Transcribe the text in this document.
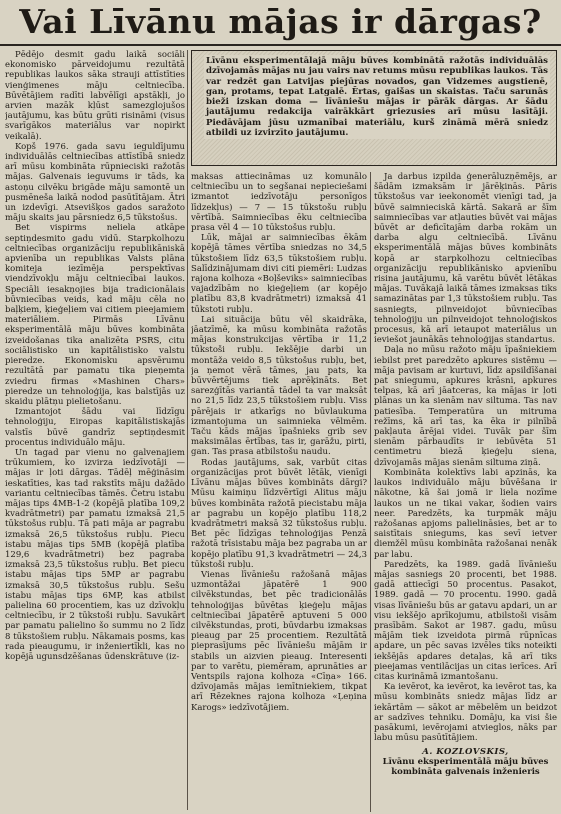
Vai Līvānu mājas ir dārgas?
Līvānu eksperimentālajā māju būves kombinātā ražotās individuālās dzīvojamās mājas nu jau vairs nav retums mūsu republikas laukos. Tās var redzēt gan Latvijas piejūras novados, gan Vidzemes augstienē, gan, protams, tepat Latgalē. Ērtas, gaišas un skaistas. Taču sarunās bieži izskan doma — līvāniešu mājas ir pārāk dārgas. Ar šādu jautājumu redakcija vairākkārt griezusies arī mūsu lasītāji. Piedāvājam jūsu uzmanībai materiālu, kurš zināmā mērā sniedz atbildi uz izvirzīto jautājumu.

Pēdējo desmit gadu laikā sociāli ekonomisko pārveidojumu rezultātā republikas laukos sāka strauji attīstīties vienģimenes māju celtniecība. Būvētājiem radīti labvēlīgi apstākļi, jo arvien mazāk kļūst samezglojušos jautājumu, kas būtu grūti risināmi (visus svarīgākos materiālus var nopirkt veikalā).

Kopš 1976. gada savu ieguldījumu individuālās celtniecības attīstībā sniedz arī mūsu kombināta rūpnieciski ražotās mājas. Galvenais ieguvums ir tāds, ka astoņu cilvēku brigāde māju samontē un pusmēneša laikā nodod pasūtītājam. Ātri un izdevīgi. Atsevišķos gados saražoto māju skaits jau pārsniedz 6,5 tūkstošus.

Bet vispirms neliela atkāpe septiņdesmito gadu vidū. Starpkolhozu celtniecības organizāciju republikāniskā apvienība un republikas Valsts plāna komiteja iezīmēja perspektīvas viendzīvokļu māju celtniecībai laukos. Speciāli iesakņojies bija tradicionālais būvniecības veids, kad māju cēla no baļķiem, ķieģeļiem vai citiem pieejamiem materiāliem. Pirmās Līvānu eksperimentālā māju būves kombināta izveidošanas tika analizēta PSRS, citu sociālistisko un kapitālistisko valstu pieredze. Ekonomisku apsvērumu rezultātā par pamatu tika pieņemta zviedru firmas «Mashinen Chars» pieredze un tehnoloģija, kas balstījās uz skaidu plātņu pielietošanu.

Izmantojot šādu vai līdzīgu tehnoloģiju, Eiropas kapitālistiskajās valstīs būvē gandrīz septiņdesmit procentus individuālo māju.

Un tagad par vienu no galvenajiem trūkumiem, ko izvirza iedzīvotāji — mājas ir ļoti dārgas. Tādēļ mēģināsim ieskatīties, kas tad rakstīts māju dažādo variantu celtniecības tāmēs. Četru istabu mājas tips 4MB-1-2 (kopējā platība 109,2 kvadrātmetri) par pamatu izmaksā 21,5 tūkstošus rubļu. Tā pati māja ar pagrabu izmaksā 26,5 tūkstošus rubļu. Piecu istabu mājas tips 5MB (kopējā platība 129,6 kvadrātmetri) bez pagraba izmaksā 23,5 tūkstošus rubļu. Bet piecu istabu mājas tips 5MP ar pagrabu izmaksā 30,5 tūkstošus rubļu. Sešu istabu mājas tips 6MP, kas atbilst palielina 60 procentiem, kas uz dzīvokļu celtniecību, ir 2 tūkstoši rubļu. Savukārt par pamatu palielino šo summu no 2 līdz 8 tūkstošiem rubļu. Nākamais posms, kas rada pieaugumu, ir inženiertīkli, kas no kopējā ugunsdzēšanas ūdenskrātuve (iz-

maksas attiecināmas uz komunālo celtniecību un to segšanai nepieciešami izmantot iedzīvotāju personīgos līdzekļus) — 7 — 15 tūkstošu rubļu vērtībā. Saimniecības ēku celtniecība prasa vēl 4 — 10 tūkstošus rubļu.

Lūk, mājai ar saimniecības ēkām kopējā tāmes vērtība sniedzas no 34,5 tūkstošiem līdz 63,5 tūkstošiem rubļu. Salīdzinājumam divi citi piemēri: Ludzas rajona kolhoza «Boļševiks» saimniecības vajadzībām no ķieģeļiem (ar kopējo platību 83,8 kvadrātmetri) izmaksā 41 tūkstoti rubļu.

Lai situācija būtu vēl skaidrāka, jāatzīmē, ka mūsu kombināta ražotās mājas konstrukcijas vērtība ir 11,2 tūkstoši rubļu. Iekšējie darbi un montāža veido 8,5 tūkstošus rubļu, bet, ja ņemot vērā tāmes, jau pats, ka būvvērtējums tiek aprēķināts. Bet sarezģītās variantā tādel ta var maksāt no 21,5 līdz 23,5 tūkstošiem rubļu. Viss pārējais ir atkarīgs no būvlaukuma izmantojuma un saimnieka vēlmēm. Taču kāds mājas īpašnieks grib sev maksimālas ērtības, tas ir, garāžu, pirti, gan. Tas prasa atbilstošu naudu.

Rodas jautājums, sak, varbūt citas organizācijas prot būvēt lētāk, vienīgi Līvānu mājas būves kombināts dārgi? Mūsu kaimiņu līdzvērtīgi Alitus māju būves kombināta ražotā piecistabu māja ar pagrabu un kopējo platību 118,2 kvadrātmetri maksā 32 tūkstošus rubļu. Bet pēc līdzīgas tehnoloģijas Penzā ražotā trīsistabu māja bez pagraba un ar kopējo platību 91,3 kvadrātmetri — 24,3 tūkstoši rubļu.

Vienas līvāniešu ražošanā mājas uzmontāžai jāpatērē 1 900 cilvēkstundas, bet pēc tradicionālās tehnoloģijas būvētas ķieģeļu mājas celtniecībai jāpatērē aptuveni 5 000 cilvēkstundas, proti, būvdarbu izmaksas pieaug par 25 procentiem. Rezultātā pieprasījums pēc līvāniešu mājām ir stabils un aizvien pieaug. Interesenti par to varētu, piemēram, aprunāties ar Ventspils rajona kolhoza «Cīņa» 166. dzīvojamās mājas iemītniekiem, tikpat arī Rēzeknes rajona kolhoza «Ļeņina Karogs» iedzīvotājiem.

Ja darbus izpilda ģenerāluzņēmējs, ar šādām izmaksām ir jārēķinās. Pāris tūkstošus var ieekonomēt vienīgi tad, ja būvē saimnieciskā kārtā. Sakarā ar šīm saimniecības var atļauties būvēt vai mājas būvēt ar deficītajām darba rokām un darba algu celtniecībā. Līvānu eksperimentālā mājas būves kombināts kopā ar starpkolhozu celtniecības organizāciju republikānisko apvienību risina jautājumu, kā varētu būvēt lētākas mājas. Tuvākajā laikā tāmes izmaksas tiks samazinātas par 1,3 tūkstošiem rubļu. Tas sasniegts, pilnveidojot būvniecības tehnoloģiju un pilnveidojot tehnoloģiskos procesus, kā arī ietaupot materiālus un ieviešot jaunākās tehnoloģijas standartus.

Daļa no mūsu ražoto māju īpašniekiem iebilst pret paredzēto apkures sistēmu — māja pavisam ar kurtuvi, līdz apsildīšanai pat sniegumu, apkures krāsni, apkures telpas, kā arī jāatceras, ka mājas ir ļoti plānas un ka sienām nav siltuma. Tas nav patiesība. Temperatūra un mitruma režīms, kā arī tas, ka ēka ir pilnībā pakļauta ārējai videi. Tuvāk par šīm sienām pārbaudīts ir iebūvēta 51 centimetru biezā ķieģeļu siena, dzīvojamās mājas sienām siltuma ziņā.

Kombināta kolektīvs labi apzinās, ka laukos individuālo māju būvēšana ir nākotne, kā šai jomā ir liela nozīme laukos un ne tikai vakar, šodien vairs neer. Paredzēts, ka turpmāk māju ražošanas apjoms palielināsies, bet ar to saistītais sniegums, kas sevī ietver diemžēl mūsu kombināta ražošanai nenāk par labu.

Paredzēts, ka 1989. gadā līvāniešu mājas sasniegs 20 procenti, bet 1988. gadā attiecīgi 50 procentus. Pasakot, 1989. gadā — 70 procentu. 1990. gadā visas līvāniešu būs ar gatavu apdari, un ar visu iekšējo aprīkojumu, atbilstoši visām prasībām. Sakot ar 1987. gadu, mūsu mājām tiek izveidota pirmā rūpnīcas apdare, un pēc savas izvēles tiks noteikti iekšējās apdares detaļas, kā arī tiks pieejamas ventilācijas un citas ierīces. Arī citas kurināmā izmantošanu.

Ka ievērot, ka ievērot, ka ievērot tas, ka mūsu kombināts sniedz mājas līdz ar iekārtām — sākot ar mēbelēm un beidzot ar sadzīves tehniku. Domāju, ka visi šie pasākumi, ievērojami atvieglos, nāks par labu mūsu pasūtītājiem.

A. KOZLOVSKIS,
Līvānu eksperimentālā māju būves kombināta galvenais inženieris
